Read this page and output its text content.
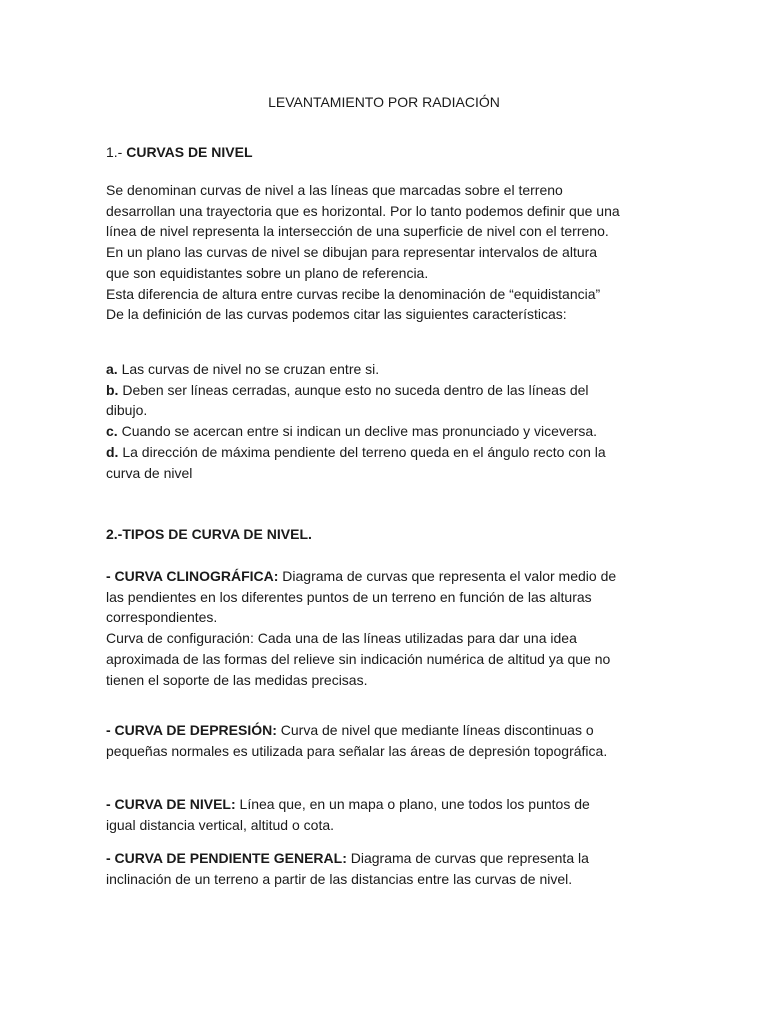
LEVANTAMIENTO POR RADIACIÓN
1.- CURVAS DE NIVEL
Se denominan curvas de nivel a las líneas que marcadas sobre el terreno
desarrollan una trayectoria que es horizontal. Por lo tanto podemos definir que una
línea de nivel representa la intersección de una superficie de nivel con el terreno.
En un plano las curvas de nivel se dibujan para representar intervalos de altura
que son equidistantes sobre un plano de referencia.
Esta diferencia de altura entre curvas recibe la denominación de “equidistancia”
De la definición de las curvas podemos citar las siguientes características:
a. Las curvas de nivel no se cruzan entre si.
b. Deben ser líneas cerradas, aunque esto no suceda dentro de las líneas del
dibujo.
c. Cuando se acercan entre si indican un declive mas pronunciado y viceversa.
d. La dirección de máxima pendiente del terreno queda en el ángulo recto con la
curva de nivel
2.-TIPOS DE CURVA DE NIVEL.
- CURVA CLINOGRÁFICA: Diagrama de curvas que representa el valor medio de
las pendientes en los diferentes puntos de un terreno en función de las alturas
correspondientes.
Curva de configuración: Cada una de las líneas utilizadas para dar una idea
aproximada de las formas del relieve sin indicación numérica de altitud ya que no
tienen el soporte de las medidas precisas.
- CURVA DE DEPRESIÓN: Curva de nivel que mediante líneas discontinuas o
pequeñas normales es utilizada para señalar las áreas de depresión topográfica.
- CURVA DE NIVEL: Línea que, en un mapa o plano, une todos los puntos de
igual distancia vertical, altitud o cota.
- CURVA DE PENDIENTE GENERAL: Diagrama de curvas que representa la
inclinación de un terreno a partir de las distancias entre las curvas de nivel.
